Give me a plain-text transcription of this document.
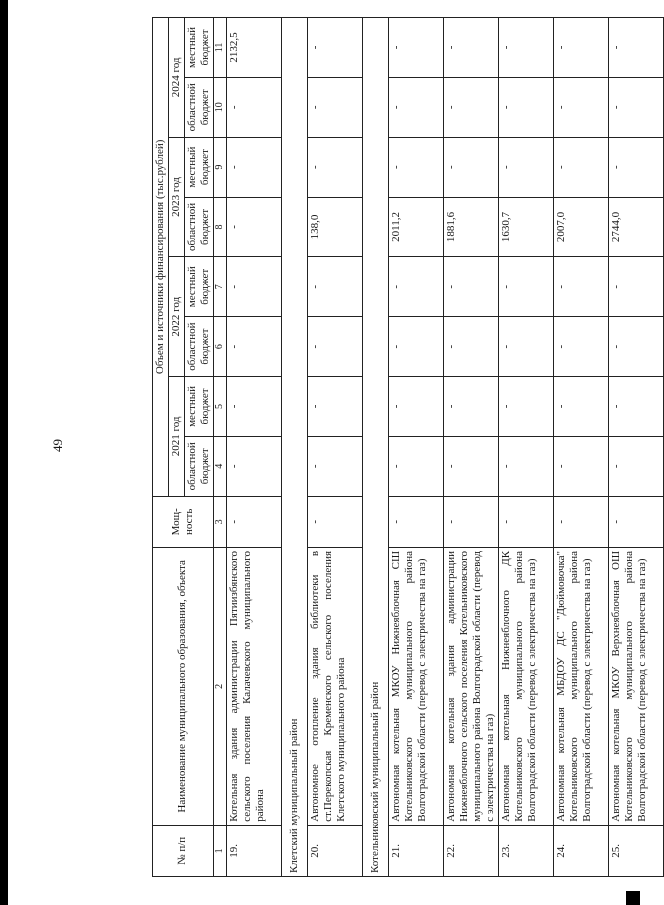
49
№ п/п	Наименование муниципального образования, объекта	Мощ- ность	Объем и источники финансирования (тыс.рублей)							
			2021 год		2022 год		2023 год		2024 год	
			областной бюджет	местный бюджет	областной бюджет	местный бюджет	областной бюджет	местный бюджет	областной бюджет	местный бюджет
1	2	3	4	5	6	7	8	9	10	11
19.	Котельная здания администрации Пятиизбянского сельского поселения Калачевского муниципального района	-	-	-	-	-	-	-	-	2132,5
Клетский муниципальный район										
20.	Автономное отопление здания библиотеки в ст.Перекопская Кременского сельского поселения Клетского муниципального района	-	-	-	-	-	138,0	-	-	-
Котельниковский муниципальный район										
21.	Автономная котельная МКОУ Нижнеяблочная СШ Котельниковского муниципального района Волгоградской области (перевод с электричества на газ)	-	-	-	-	-	2011,2	-	-	-
22.	Автономная котельная здания администрации Нижнеяблочного сельского поселения Котельниковского муниципального района Волгоградской области (перевод с электричества на газ)	-	-	-	-	-	1881,6	-	-	-
23.	Автономная котельная Нижнеяблочного ДК Котельниковского муниципального района Волгоградской области (перевод с электричества на газ)	-	-	-	-	-	1630,7	-	-	-
24.	Автономная котельная МБДОУ ДС "Дюймовочка" Котельниковского муниципального района Волгоградской области (перевод с электричества на газ)	-	-	-	-	-	2007,0	-	-	-
25.	Автономная котельная МКОУ Верхнеяблочная ОШ Котельниковского муниципального района Волгоградской области (перевод с электричества на газ)	-	-	-	-	-	2744,0	-	-	-
